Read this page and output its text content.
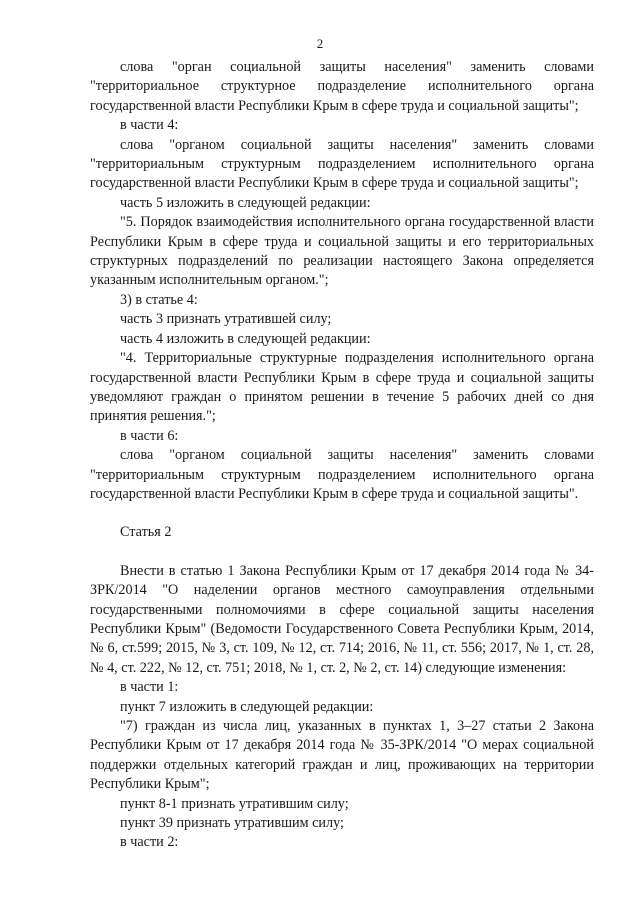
2

слова "орган социальной защиты населения" заменить словами "территориальное структурное подразделение исполнительного органа государственной власти Республики Крым в сфере труда и социальной защиты";

в части 4:

слова "органом социальной защиты населения" заменить словами "территориальным структурным подразделением исполнительного органа государственной власти Республики Крым в сфере труда и социальной защиты";

часть 5 изложить в следующей редакции:

"5. Порядок взаимодействия исполнительного органа государственной власти Республики Крым в сфере труда и социальной защиты и его территориальных структурных подразделений по реализации настоящего Закона определяется указанным исполнительным органом.";

3) в статье 4:

часть 3 признать утратившей силу;

часть 4 изложить в следующей редакции:

"4. Территориальные структурные подразделения исполнительного органа государственной власти Республики Крым в сфере труда и социальной защиты уведомляют граждан о принятом решении в течение 5 рабочих дней со дня принятия решения.";

в части 6:

слова "органом социальной защиты населения" заменить словами "территориальным структурным подразделением исполнительного органа государственной власти Республики Крым в сфере труда и социальной защиты".

Статья 2

Внести в статью 1 Закона Республики Крым от 17 декабря 2014 года № 34-ЗРК/2014 "О наделении органов местного самоуправления отдельными государственными полномочиями в сфере социальной защиты населения Республики Крым" (Ведомости Государственного Совета Республики Крым, 2014, № 6, ст.599; 2015, № 3, ст. 109, № 12, ст. 714; 2016, № 11, ст. 556; 2017, № 1, ст. 28, № 4, ст. 222, № 12, ст. 751; 2018, № 1, ст. 2, № 2, ст. 14) следующие изменения:

в части 1:

пункт 7 изложить в следующей редакции:

"7) граждан из числа лиц, указанных в пунктах 1, 3–27 статьи 2 Закона Республики Крым от 17 декабря 2014 года № 35-ЗРК/2014 "О мерах социальной поддержки отдельных категорий граждан и лиц, проживающих на территории Республики Крым";

пункт 8-1 признать утратившим силу;

пункт 39 признать утратившим силу;

в части 2:
